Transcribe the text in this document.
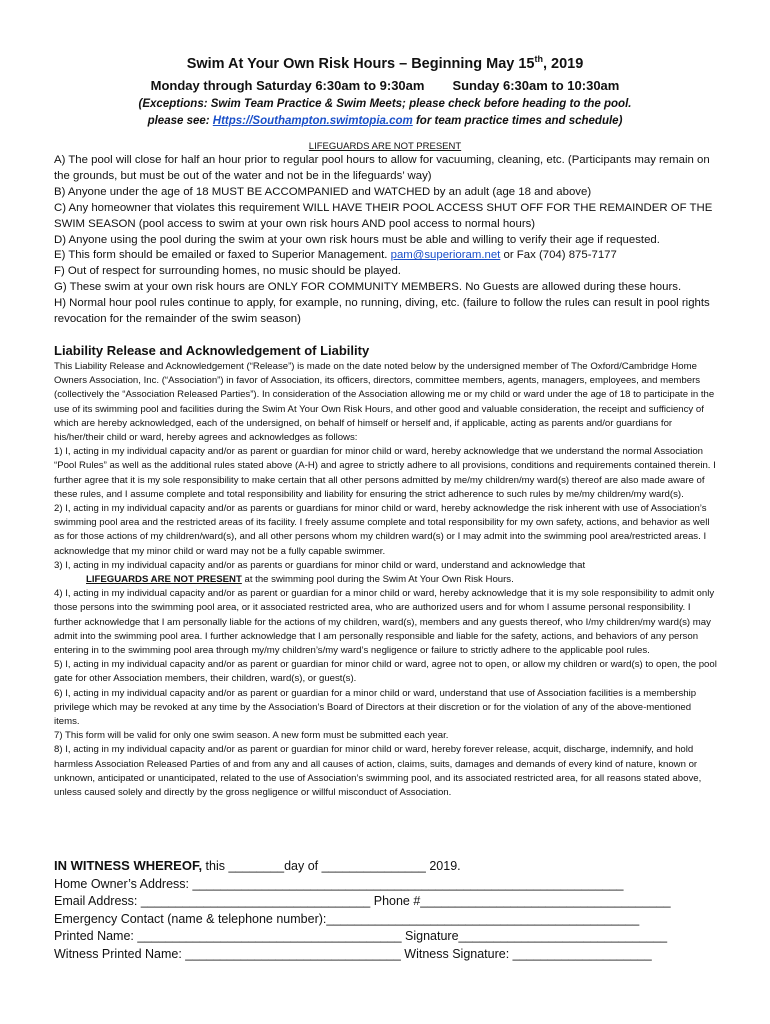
Swim At Your Own Risk Hours – Beginning May 15th, 2019
Monday through Saturday 6:30am to 9:30am Sunday 6:30am to 10:30am
(Exceptions: Swim Team Practice & Swim Meets; please check before heading to the pool.
please see: Https://Southampton.swimtopia.com for team practice times and schedule)
LIFEGUARDS ARE NOT PRESENT

A) The pool will close for half an hour prior to regular pool hours to allow for vacuuming, cleaning, etc. (Participants may remain on the grounds, but must be out of the water and not be in the lifeguards’ way)

B) Anyone under the age of 18 MUST BE ACCOMPANIED and WATCHED by an adult (age 18 and above)

C) Any homeowner that violates this requirement WILL HAVE THEIR POOL ACCESS SHUT OFF FOR THE REMAINDER OF THE SWIM SEASON (pool access to swim at your own risk hours AND pool access to normal hours)

D) Anyone using the pool during the swim at your own risk hours must be able and willing to verify their age if requested.

E) This form should be emailed or faxed to Superior Management. pam@superioram.net or Fax (704) 875-7177

F) Out of respect for surrounding homes, no music should be played.

G) These swim at your own risk hours are ONLY FOR COMMUNITY MEMBERS. No Guests are allowed during these hours.

H) Normal hour pool rules continue to apply, for example, no running, diving, etc. (failure to follow the rules can result in pool rights revocation for the remainder of the swim season)

Liability Release and Acknowledgement of Liability

This Liability Release and Acknowledgement (“Release”) is made on the date noted below by the undersigned member of The Oxford/Cambridge Home Owners Association, Inc. (“Association”) in favor of Association, its officers, directors, committee members, agents, managers, employees, and members (collectively the “Association Released Parties”). In consideration of the Association allowing me or my child or ward under the age of 18 to participate in the use of its swimming pool and facilities during the Swim At Your Own Risk Hours, and other good and valuable consideration, the receipt and sufficiency of which are hereby acknowledged, each of the undersigned, on behalf of himself or herself and, if applicable, acting as parents and/or guardians for his/her/their child or ward, hereby agrees and acknowledges as follows:

1) I, acting in my individual capacity and/or as parent or guardian for minor child or ward, hereby acknowledge that we understand the normal Association “Pool Rules” as well as the additional rules stated above (A-H) and agree to strictly adhere to all provisions, conditions and requirements contained therein. I further agree that it is my sole responsibility to make certain that all other persons admitted by me/my children/my ward(s) thereof are also made aware of these rules, and I assume complete and total responsibility and liability for ensuring the strict adherence to such rules by me/my children/my ward(s).

2) I, acting in my individual capacity and/or as parents or guardians for minor child or ward, hereby acknowledge the risk inherent with use of Association’s swimming pool area and the restricted areas of its facility. I freely assume complete and total responsibility for my own safety, actions, and behavior as well as for those actions of my children/ward(s), and all other persons whom my children ward(s) or I may admit into the swimming pool area/restricted areas. I acknowledge that my minor child or ward may not be a fully capable swimmer.

3) I, acting in my individual capacity and/or as parents or guardians for minor child or ward, understand and acknowledge that

LIFEGUARDS ARE NOT PRESENT at the swimming pool during the Swim At Your Own Risk Hours.

4) I, acting in my individual capacity and/or as parent or guardian for a minor child or ward, hereby acknowledge that it is my sole responsibility to admit only those persons into the swimming pool area, or it associated restricted area, who are authorized users and for whom I assume personal responsibility. I further acknowledge that I am personally liable for the actions of my children, ward(s), members and any guests thereof, who I/my children/my ward(s) may admit into the swimming pool area. I further acknowledge that I am personally responsible and liable for the safety, actions, and behaviors of any person entering in to the swimming pool area through my/my children’s/my ward’s negligence or failure to strictly adhere to the applicable pool rules.

5) I, acting in my individual capacity and/or as parent or guardian for minor child or ward, agree not to open, or allow my children or ward(s) to open, the pool gate for other Association members, their children, ward(s), or guest(s).

6) I, acting in my individual capacity and/or as parent or guardian for a minor child or ward, understand that use of Association facilities is a membership privilege which may be revoked at any time by the Association’s Board of Directors at their discretion or for the violation of any of the above-mentioned items.

7) This form will be valid for only one swim season. A new form must be submitted each year.

8) I, acting in my individual capacity and/or as parent or guardian for minor child or ward, hereby forever release, acquit, discharge, indemnify, and hold harmless Association Released Parties of and from any and all causes of action, claims, suits, damages and demands of every kind of nature, known or unknown, anticipated or unanticipated, related to the use of Association’s swimming pool, and its associated restricted area, for all reasons stated above, unless caused solely and directly by the gross negligence or willful misconduct of Association.

IN WITNESS WHEREOF, this ________day of _______________ 2019.

Home Owner’s Address: ______________________________________________________________

Email Address: _________________________________ Phone #____________________________________

Emergency Contact (name & telephone number):_____________________________________________

Printed Name: ______________________________________ Signature______________________________

Witness Printed Name: _______________________________ Witness Signature: ____________________
